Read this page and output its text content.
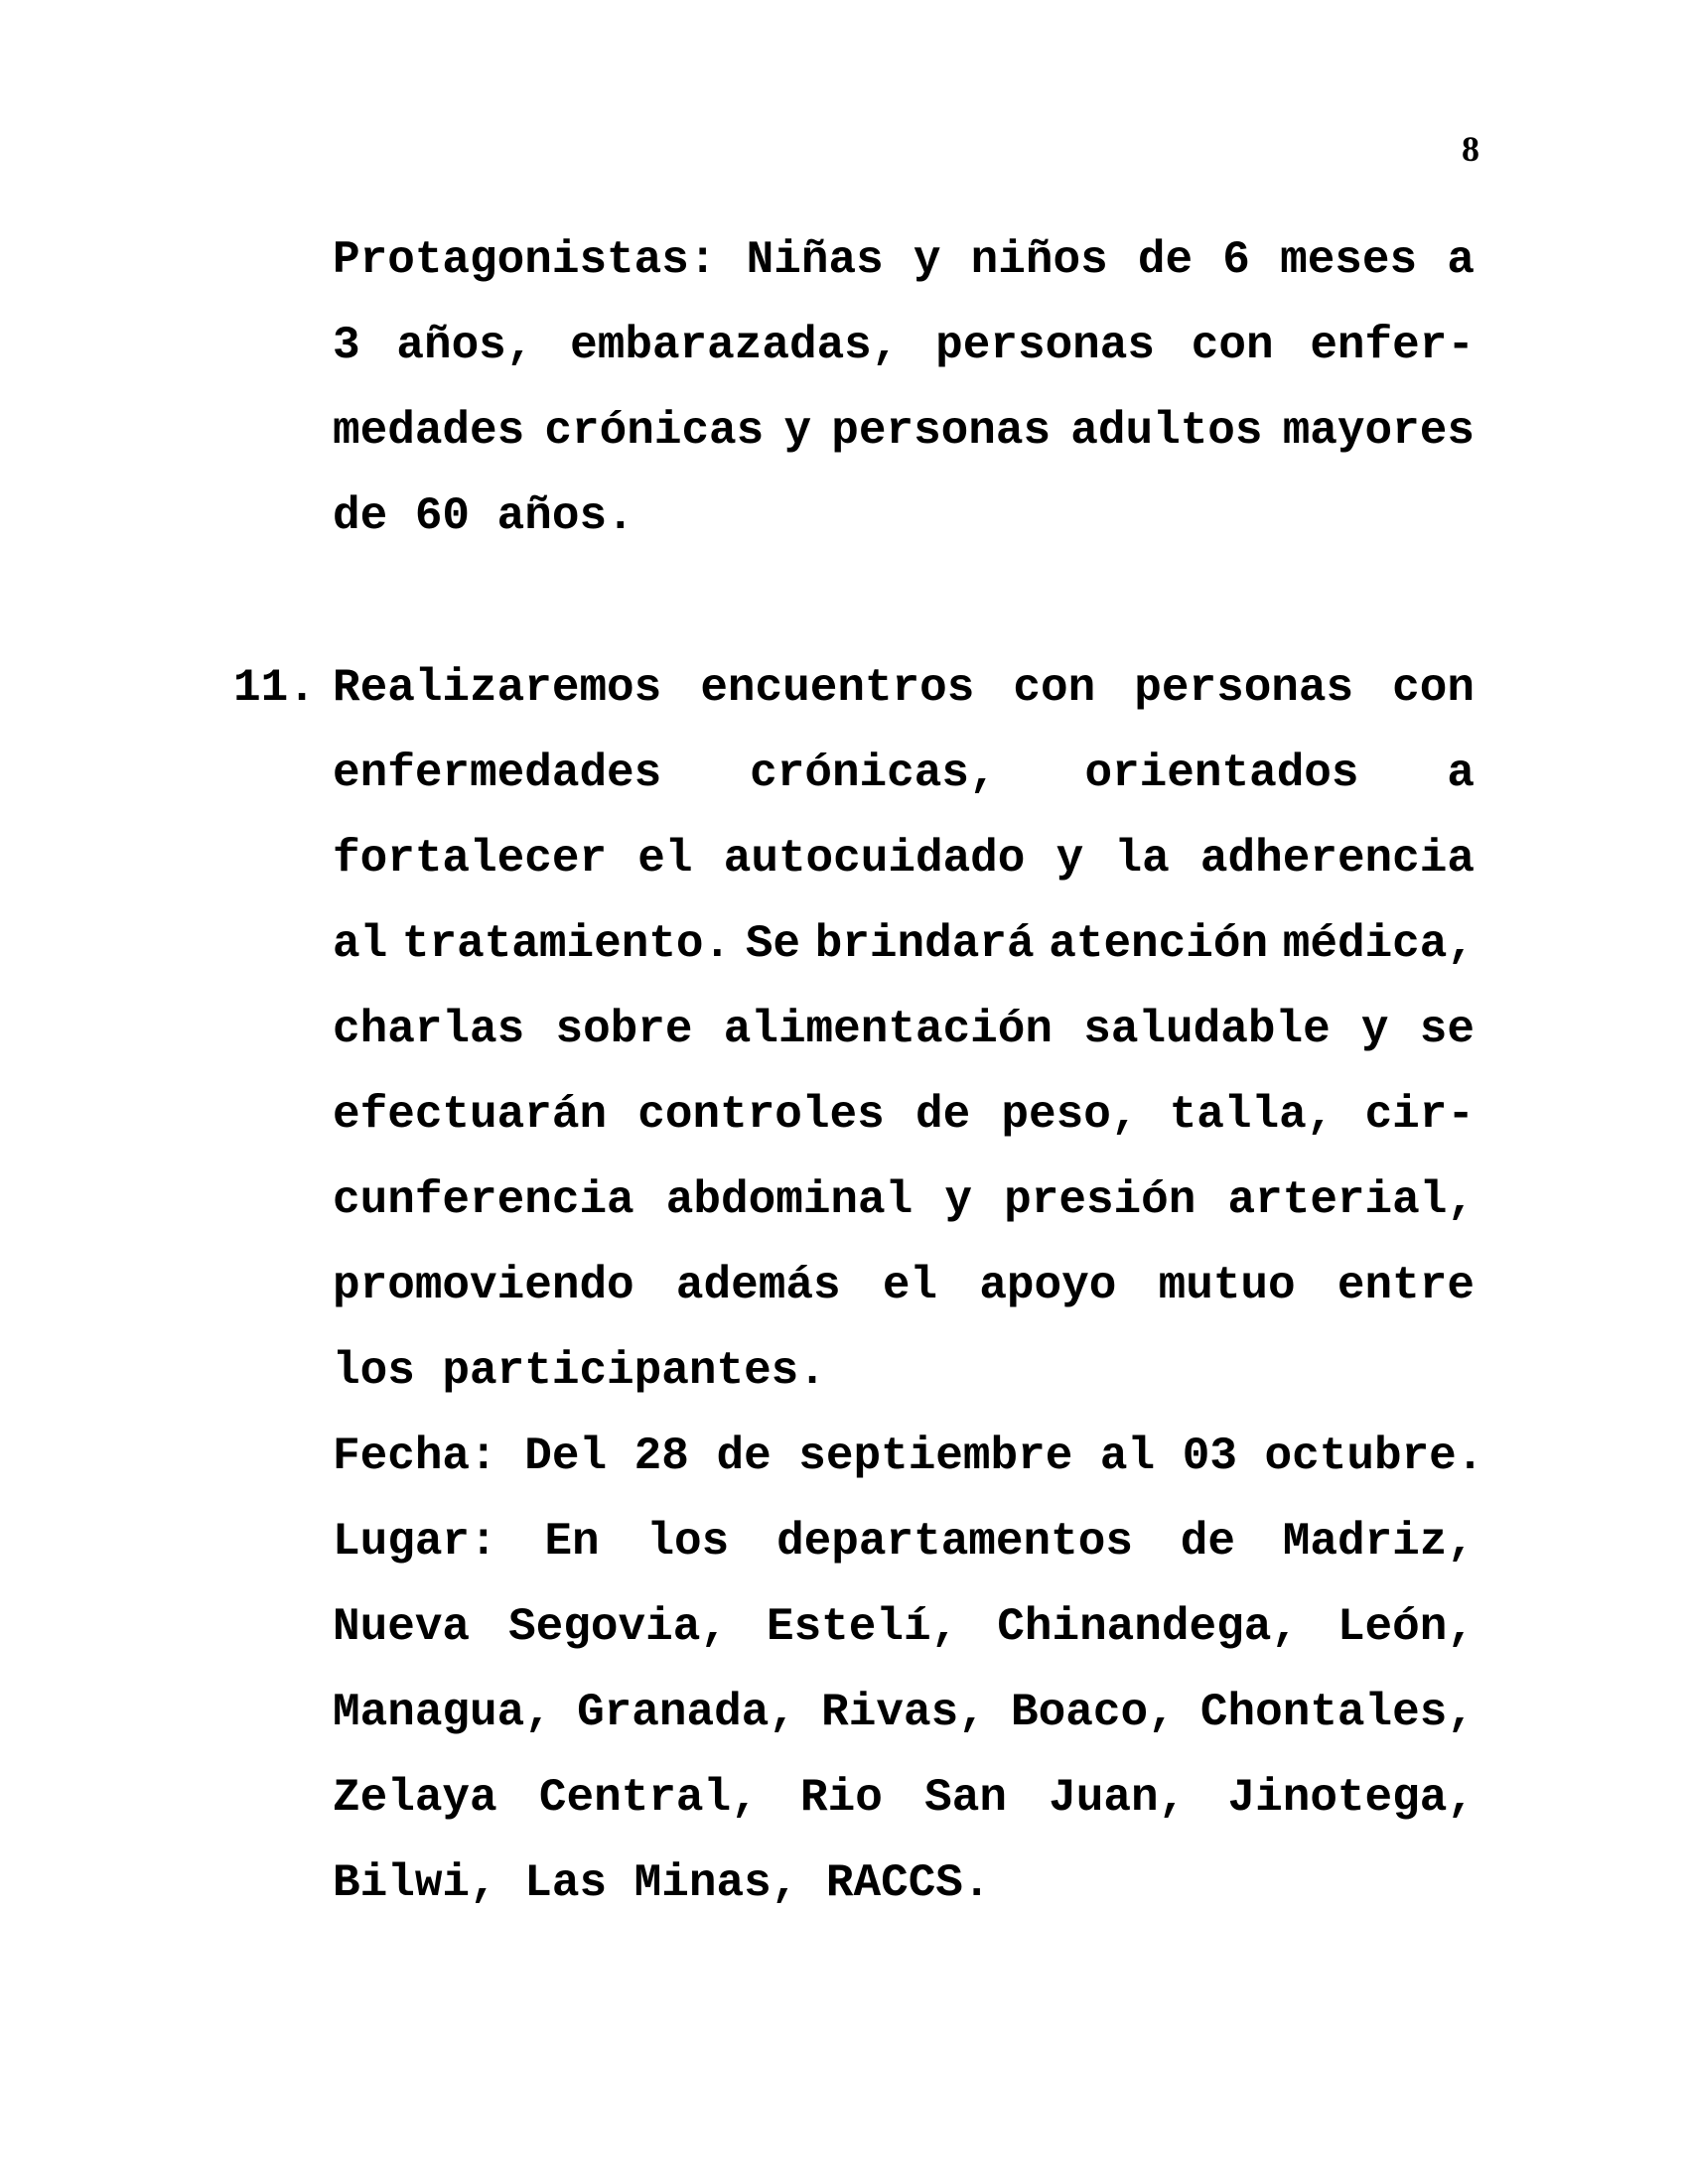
8
Protagonistas: Niñas y niños de 6 meses a
3 años, embarazadas, personas con enfer-
medades crónicas y personas adultos mayores
de 60 años.
11. Realizaremos encuentros con personas con
enfermedades crónicas, orientados a
fortalecer el autocuidado y la adherencia
al tratamiento. Se brindará atención médica,
charlas sobre alimentación saludable y se
efectuarán controles de peso, talla, cir-
cunferencia abdominal y presión arterial,
promoviendo además el apoyo mutuo entre
los participantes.
Fecha: Del 28 de septiembre al 03 octubre.
Lugar: En los departamentos de Madriz,
Nueva Segovia, Estelí, Chinandega, León,
Managua, Granada, Rivas, Boaco, Chontales,
Zelaya Central, Rio San Juan, Jinotega,
Bilwi, Las Minas, RACCS.
